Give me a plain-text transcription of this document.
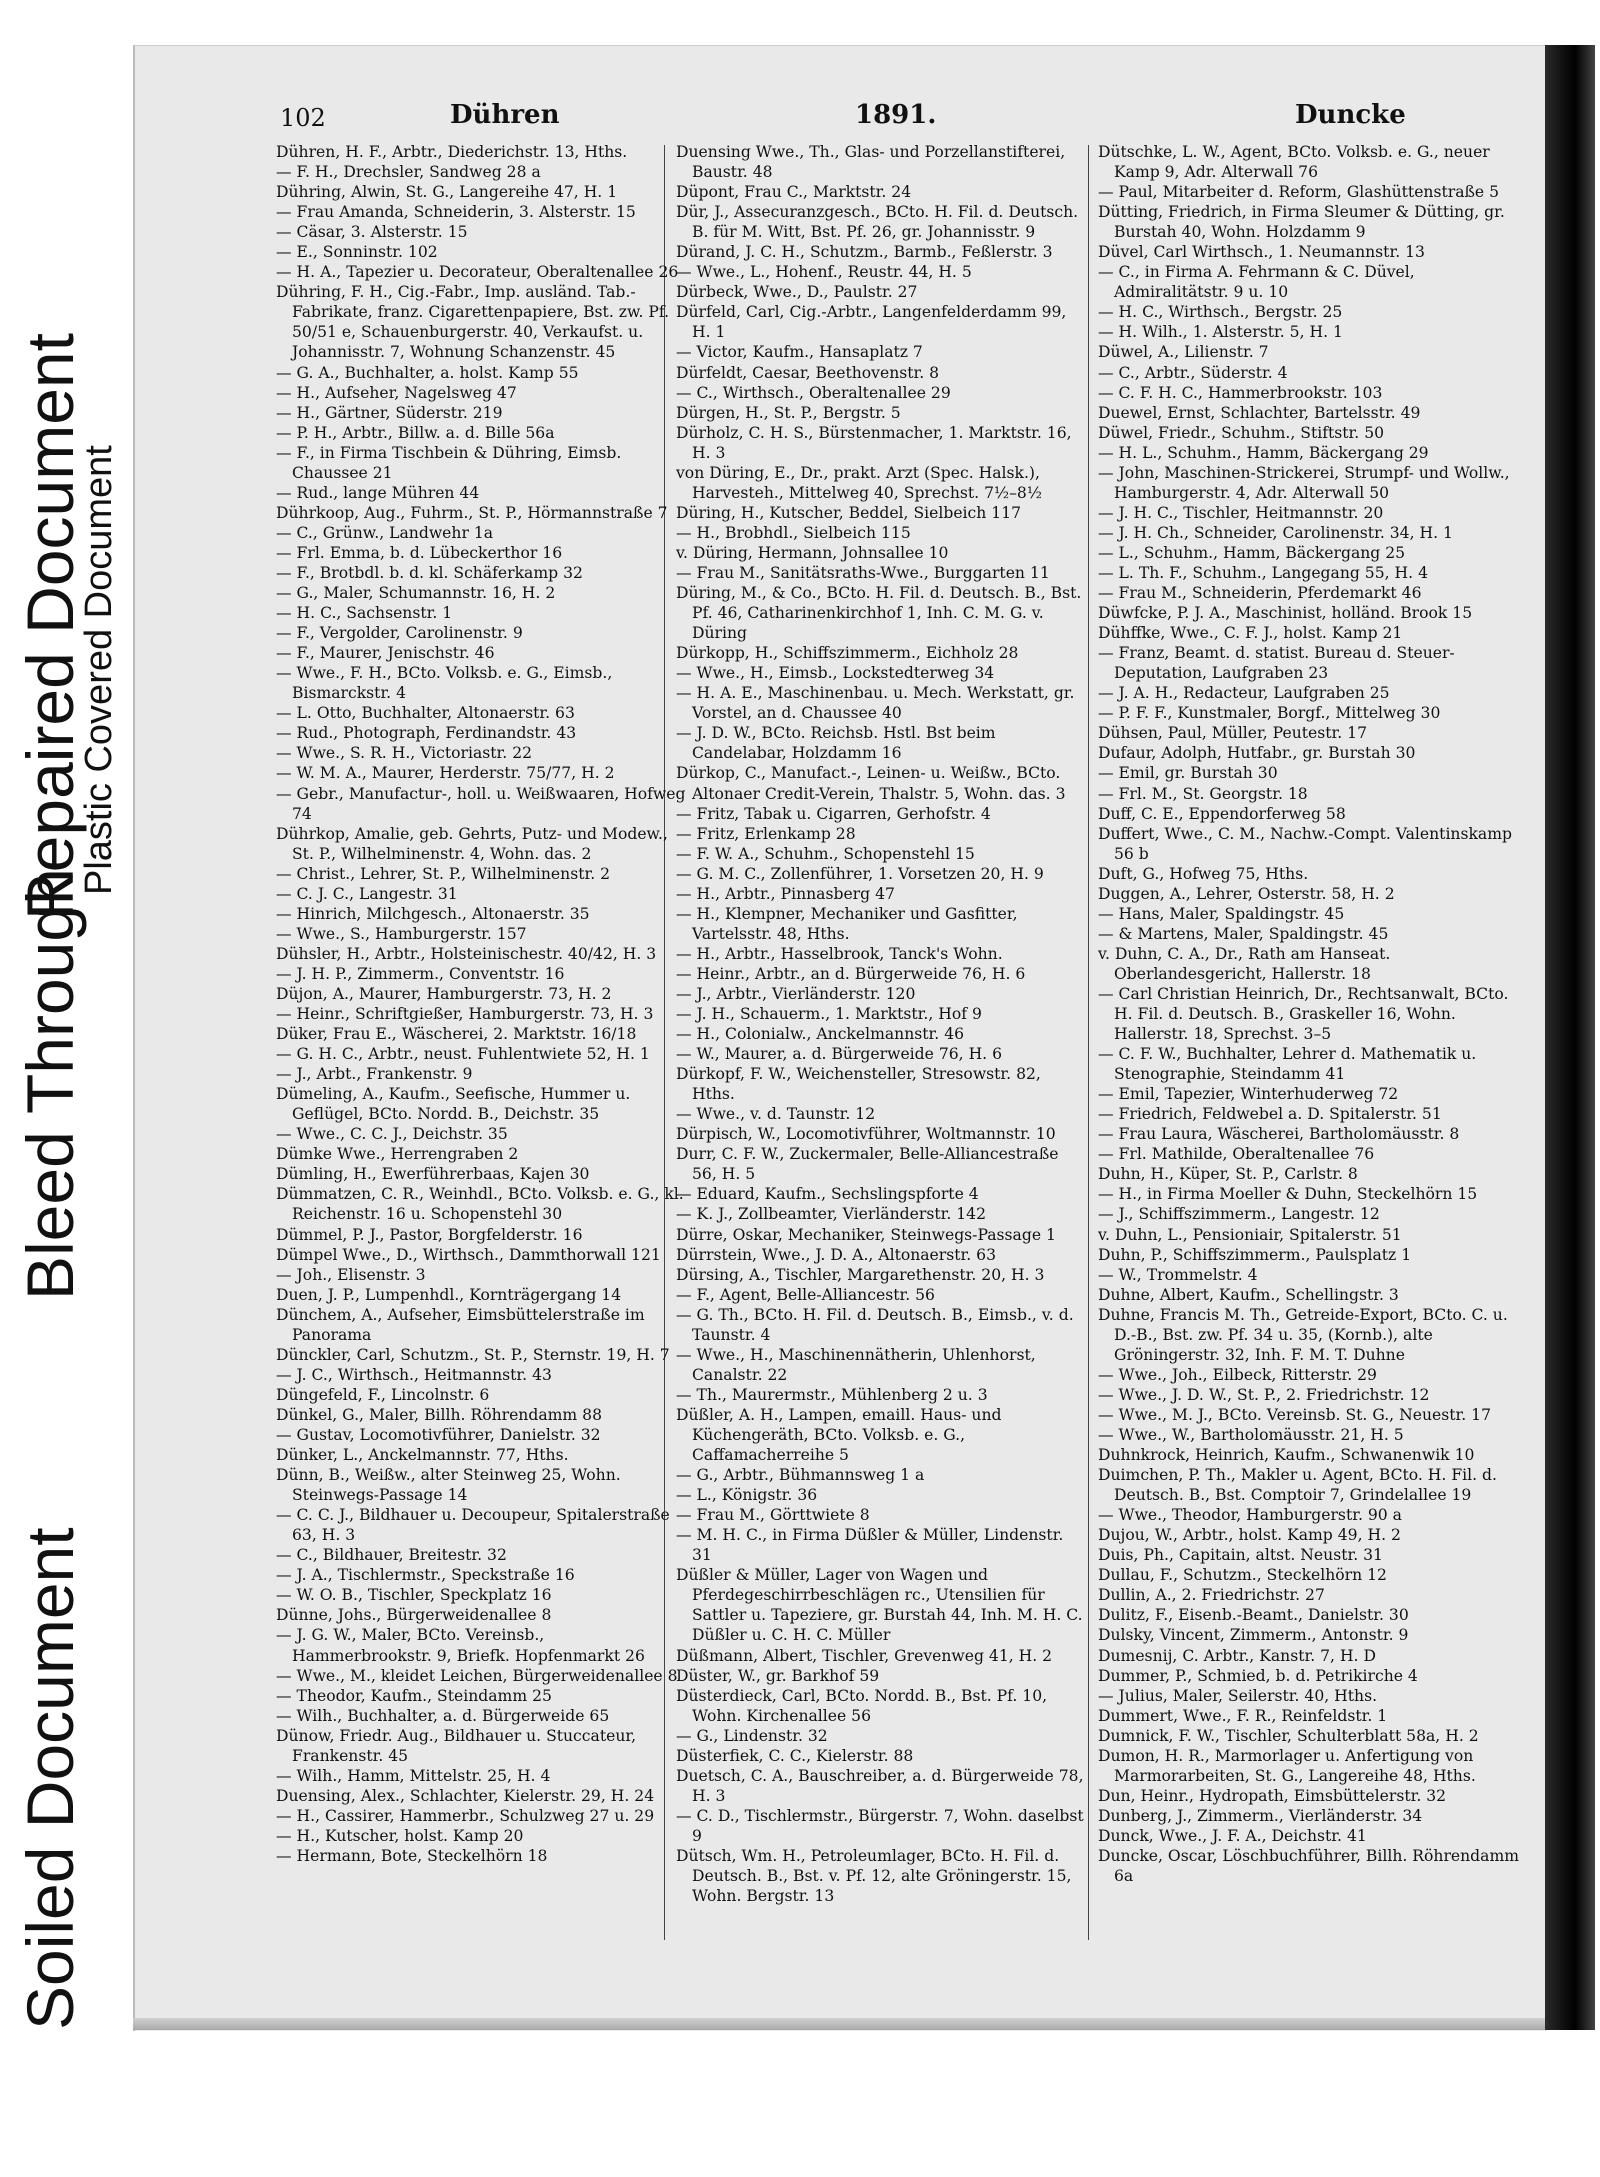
Soiled Document
Bleed Through
Repaired Document
Plastic Covered Document
102	Dühren	1891.	Duncke
Dühren, H. F., Arbtr., Diederichstr. 13, Hths.
— F. H., Drechsler, Sandweg 28 a
Dühring, Alwin, St. G., Langereihe 47, H. 1
— Frau Amanda, Schneiderin, 3. Alsterstr. 15
— Cäsar, 3. Alsterstr. 15
— E., Sonninstr. 102
— H. A., Tapezier u. Decorateur, Oberaltenallee 26
Dühring, F. H., Cig.-Fabr., Imp. ausländ. Tab.-Fabrikate, franz. Cigarettenpapiere, Bst. zw. Pf. 50/51 e, Schauenburgerstr. 40, Verkaufst. u. Johannisstr. 7, Wohnung Schanzenstr. 45
— G. A., Buchhalter, a. holst. Kamp 55
— H., Aufseher, Nagelsweg 47
— H., Gärtner, Süderstr. 219
— P. H., Arbtr., Billw. a. d. Bille 56a
— F., in Firma Tischbein & Dühring, Eimsb. Chaussee 21
— Rud., lange Mühren 44
Dührkoop, Aug., Fuhrm., St. P., Hörmannstraße 7
— C., Grünw., Landwehr 1a
— Frl. Emma, b. d. Lübeckerthor 16
— F., Brotbdl. b. d. kl. Schäferkamp 32
— G., Maler, Schumannstr. 16, H. 2
— H. C., Sachsenstr. 1
— F., Vergolder, Carolinenstr. 9
— F., Maurer, Jenischstr. 46
— Wwe., F. H., BCto. Volksb. e. G., Eimsb., Bismarckstr. 4
— L. Otto, Buchhalter, Altonaerstr. 63
— Rud., Photograph, Ferdinandstr. 43
— Wwe., S. R. H., Victoriastr. 22
— W. M. A., Maurer, Herderstr. 75/77, H. 2
— Gebr., Manufactur-, holl. u. Weißwaaren, Hofweg 74
Dührkop, Amalie, geb. Gehrts, Putz- und Modew., St. P., Wilhelminenstr. 4, Wohn. das. 2
— Christ., Lehrer, St. P., Wilhelminenstr. 2
— C. J. C., Langestr. 31
— Hinrich, Milchgesch., Altonaerstr. 35
— Wwe., S., Hamburgerstr. 157
Dühsler, H., Arbtr., Holsteinischestr. 40/42, H. 3
— J. H. P., Zimmerm., Conventstr. 16
Düjon, A., Maurer, Hamburgerstr. 73, H. 2
— Heinr., Schriftgießer, Hamburgerstr. 73, H. 3
Düker, Frau E., Wäscherei, 2. Marktstr. 16/18
— G. H. C., Arbtr., neust. Fuhlentwiete 52, H. 1
— J., Arbt., Frankenstr. 9
Dümeling, A., Kaufm., Seefische, Hummer u. Geflügel, BCto. Nordd. B., Deichstr. 35
— Wwe., C. C. J., Deichstr. 35
Dümke Wwe., Herrengraben 2
Dümling, H., Ewerführerbaas, Kajen 30
Dümmatzen, C. R., Weinhdl., BCto. Volksb. e. G., kl. Reichenstr. 16 u. Schopenstehl 30
Dümmel, P. J., Pastor, Borgfelderstr. 16
Dümpel Wwe., D., Wirthsch., Dammthorwall 121
— Joh., Elisenstr. 3
Duen, J. P., Lumpenhdl., Kornträgergang 14
Dünchem, A., Aufseher, Eimsbüttelerstraße im Panorama
Dünckler, Carl, Schutzm., St. P., Sternstr. 19, H. 7
— J. C., Wirthsch., Heitmannstr. 43
Düngefeld, F., Lincolnstr. 6
Dünkel, G., Maler, Billh. Röhrendamm 88
— Gustav, Locomotivführer, Danielstr. 32
Dünker, L., Anckelmannstr. 77, Hths.
Dünn, B., Weißw., alter Steinweg 25, Wohn. Steinwegs-Passage 14
— C. C. J., Bildhauer u. Decoupeur, Spitalerstraße 63, H. 3
— C., Bildhauer, Breitestr. 32
— J. A., Tischlermstr., Speckstraße 16
— W. O. B., Tischler, Speckplatz 16
Dünne, Johs., Bürgerweidenallee 8
— J. G. W., Maler, BCto. Vereinsb., Hammerbrookstr. 9, Briefk. Hopfenmarkt 26
— Wwe., M., kleidet Leichen, Bürgerweidenallee 8
— Theodor, Kaufm., Steindamm 25
— Wilh., Buchhalter, a. d. Bürgerweide 65
Dünow, Friedr. Aug., Bildhauer u. Stuccateur, Frankenstr. 45
— Wilh., Hamm, Mittelstr. 25, H. 4
Duensing, Alex., Schlachter, Kielerstr. 29, H. 24
— H., Cassirer, Hammerbr., Schulzweg 27 u. 29
— H., Kutscher, holst. Kamp 20
— Hermann, Bote, Steckelhörn 18
Duensing Wwe., Th., Glas- und Porzellanstifterei, Baustr. 48
Düpont, Frau C., Marktstr. 24
Dür, J., Assecuranzgesch., BCto. H. Fil. d. Deutsch. B. für M. Witt, Bst. Pf. 26, gr. Johannisstr. 9
Dürand, J. C. H., Schutzm., Barmb., Feßlerstr. 3
— Wwe., L., Hohenf., Reustr. 44, H. 5
Dürbeck, Wwe., D., Paulstr. 27
Dürfeld, Carl, Cig.-Arbtr., Langenfelderdamm 99, H. 1
— Victor, Kaufm., Hansaplatz 7
Dürfeldt, Caesar, Beethovenstr. 8
— C., Wirthsch., Oberaltenallee 29
Dürgen, H., St. P., Bergstr. 5
Dürholz, C. H. S., Bürstenmacher, 1. Marktstr. 16, H. 3
von Düring, E., Dr., prakt. Arzt (Spec. Halsk.), Harvesteh., Mittelweg 40, Sprechst. 7½–8½
Düring, H., Kutscher, Beddel, Sielbeich 117
— H., Brobhdl., Sielbeich 115
v. Düring, Hermann, Johnsallee 10
— Frau M., Sanitätsraths-Wwe., Burggarten 11
Düring, M., & Co., BCto. H. Fil. d. Deutsch. B., Bst. Pf. 46, Catharinenkirchhof 1, Inh. C. M. G. v. Düring
Dürkopp, H., Schiffszimmerm., Eichholz 28
— Wwe., H., Eimsb., Lockstedterweg 34
— H. A. E., Maschinenbau. u. Mech. Werkstatt, gr. Vorstel, an d. Chaussee 40
— J. D. W., BCto. Reichsb. Hstl. Bst beim Candelabar, Holzdamm 16
Dürkop, C., Manufact.-, Leinen- u. Weißw., BCto. Altonaer Credit-Verein, Thalstr. 5, Wohn. das. 3
— Fritz, Tabak u. Cigarren, Gerhofstr. 4
— Fritz, Erlenkamp 28
— F. W. A., Schuhm., Schopenstehl 15
— G. M. C., Zollenführer, 1. Vorsetzen 20, H. 9
— H., Arbtr., Pinnasberg 47
— H., Klempner, Mechaniker und Gasfitter, Vartelsstr. 48, Hths.
— H., Arbtr., Hasselbrook, Tanck's Wohn.
— Heinr., Arbtr., an d. Bürgerweide 76, H. 6
— J., Arbtr., Vierländerstr. 120
— J. H., Schauerm., 1. Marktstr., Hof 9
— H., Colonialw., Anckelmannstr. 46
— W., Maurer, a. d. Bürgerweide 76, H. 6
Dürkopf, F. W., Weichensteller, Stresowstr. 82, Hths.
— Wwe., v. d. Taunstr. 12
Dürpisch, W., Locomotivführer, Woltmannstr. 10
Durr, C. F. W., Zuckermaler, Belle-Alliancestraße 56, H. 5
— Eduard, Kaufm., Sechslingspforte 4
— K. J., Zollbeamter, Vierländerstr. 142
Dürre, Oskar, Mechaniker, Steinwegs-Passage 1
Dürrstein, Wwe., J. D. A., Altonaerstr. 63
Dürsing, A., Tischler, Margarethenstr. 20, H. 3
— F., Agent, Belle-Alliancestr. 56
— G. Th., BCto. H. Fil. d. Deutsch. B., Eimsb., v. d. Taunstr. 4
— Wwe., H., Maschinennätherin, Uhlenhorst, Canalstr. 22
— Th., Maurermstr., Mühlenberg 2 u. 3
Düßler, A. H., Lampen, emaill. Haus- und Küchengeräth, BCto. Volksb. e. G., Caffamacherreihe 5
— G., Arbtr., Bühmannsweg 1 a
— L., Königstr. 36
— Frau M., Görttwiete 8
— M. H. C., in Firma Düßler & Müller, Lindenstr. 31
Düßler & Müller, Lager von Wagen und Pferdegeschirrbeschlägen rc., Utensilien für Sattler u. Tapeziere, gr. Burstah 44, Inh. M. H. C. Düßler u. C. H. C. Müller
Düßmann, Albert, Tischler, Grevenweg 41, H. 2
Düster, W., gr. Barkhof 59
Düsterdieck, Carl, BCto. Nordd. B., Bst. Pf. 10, Wohn. Kirchenallee 56
— G., Lindenstr. 32
Düsterfiek, C. C., Kielerstr. 88
Duetsch, C. A., Bauschreiber, a. d. Bürgerweide 78, H. 3
— C. D., Tischlermstr., Bürgerstr. 7, Wohn. daselbst 9
Dütsch, Wm. H., Petroleumlager, BCto. H. Fil. d. Deutsch. B., Bst. v. Pf. 12, alte Gröningerstr. 15, Wohn. Bergstr. 13
Dütschke, L. W., Agent, BCto. Volksb. e. G., neuer Kamp 9, Adr. Alterwall 76
— Paul, Mitarbeiter d. Reform, Glashüttenstraße 5
Dütting, Friedrich, in Firma Sleumer & Dütting, gr. Burstah 40, Wohn. Holzdamm 9
Düvel, Carl Wirthsch., 1. Neumannstr. 13
— C., in Firma A. Fehrmann & C. Düvel, Admiralitätstr. 9 u. 10
— H. C., Wirthsch., Bergstr. 25
— H. Wilh., 1. Alsterstr. 5, H. 1
Düwel, A., Lilienstr. 7
— C., Arbtr., Süderstr. 4
— C. F. H. C., Hammerbrookstr. 103
Duewel, Ernst, Schlachter, Bartelsstr. 49
Düwel, Friedr., Schuhm., Stiftstr. 50
— H. L., Schuhm., Hamm, Bäckergang 29
— John, Maschinen-Strickerei, Strumpf- und Wollw., Hamburgerstr. 4, Adr. Alterwall 50
— J. H. C., Tischler, Heitmannstr. 20
— J. H. Ch., Schneider, Carolinenstr. 34, H. 1
— L., Schuhm., Hamm, Bäckergang 25
— L. Th. F., Schuhm., Langegang 55, H. 4
— Frau M., Schneiderin, Pferdemarkt 46
Düwfcke, P. J. A., Maschinist, holländ. Brook 15
Dühffke, Wwe., C. F. J., holst. Kamp 21
— Franz, Beamt. d. statist. Bureau d. Steuer-Deputation, Laufgraben 23
— J. A. H., Redacteur, Laufgraben 25
— P. F. F., Kunstmaler, Borgf., Mittelweg 30
Dühsen, Paul, Müller, Peutestr. 17
Dufaur, Adolph, Hutfabr., gr. Burstah 30
— Emil, gr. Burstah 30
— Frl. M., St. Georgstr. 18
Duff, C. E., Eppendorferweg 58
Duffert, Wwe., C. M., Nachw.-Compt. Valentinskamp 56 b
Duft, G., Hofweg 75, Hths.
Duggen, A., Lehrer, Osterstr. 58, H. 2
— Hans, Maler, Spaldingstr. 45
— & Martens, Maler, Spaldingstr. 45
v. Duhn, C. A., Dr., Rath am Hanseat. Oberlandesgericht, Hallerstr. 18
— Carl Christian Heinrich, Dr., Rechtsanwalt, BCto. H. Fil. d. Deutsch. B., Graskeller 16, Wohn. Hallerstr. 18, Sprechst. 3–5
— C. F. W., Buchhalter, Lehrer d. Mathematik u. Stenographie, Steindamm 41
— Emil, Tapezier, Winterhuderweg 72
— Friedrich, Feldwebel a. D. Spitalerstr. 51
— Frau Laura, Wäscherei, Bartholomäusstr. 8
— Frl. Mathilde, Oberaltenallee 76
Duhn, H., Küper, St. P., Carlstr. 8
— H., in Firma Moeller & Duhn, Steckelhörn 15
— J., Schiffszimmerm., Langestr. 12
v. Duhn, L., Pensioniair, Spitalerstr. 51
Duhn, P., Schiffszimmerm., Paulsplatz 1
— W., Trommelstr. 4
Duhne, Albert, Kaufm., Schellingstr. 3
Duhne, Francis M. Th., Getreide-Export, BCto. C. u. D.-B., Bst. zw. Pf. 34 u. 35, (Kornb.), alte Gröningerstr. 32, Inh. F. M. T. Duhne
— Wwe., Joh., Eilbeck, Ritterstr. 29
— Wwe., J. D. W., St. P., 2. Friedrichstr. 12
— Wwe., M. J., BCto. Vereinsb. St. G., Neuestr. 17
— Wwe., W., Bartholomäusstr. 21, H. 5
Duhnkrock, Heinrich, Kaufm., Schwanenwik 10
Duimchen, P. Th., Makler u. Agent, BCto. H. Fil. d. Deutsch. B., Bst. Comptoir 7, Grindelallee 19
— Wwe., Theodor, Hamburgerstr. 90 a
Dujou, W., Arbtr., holst. Kamp 49, H. 2
Duis, Ph., Capitain, altst. Neustr. 31
Dullau, F., Schutzm., Steckelhörn 12
Dullin, A., 2. Friedrichstr. 27
Dulitz, F., Eisenb.-Beamt., Danielstr. 30
Dulsky, Vincent, Zimmerm., Antonstr. 9
Dumesnij, C. Arbtr., Kanstr. 7, H. D
Dummer, P., Schmied, b. d. Petrikirche 4
— Julius, Maler, Seilerstr. 40, Hths.
Dummert, Wwe., F. R., Reinfeldstr. 1
Dumnick, F. W., Tischler, Schulterblatt 58a, H. 2
Dumon, H. R., Marmorlager u. Anfertigung von Marmorarbeiten, St. G., Langereihe 48, Hths.
Dun, Heinr., Hydropath, Eimsbüttelerstr. 32
Dunberg, J., Zimmerm., Vierländerstr. 34
Dunck, Wwe., J. F. A., Deichstr. 41
Duncke, Oscar, Löschbuchführer, Billh. Röhrendamm 6a
